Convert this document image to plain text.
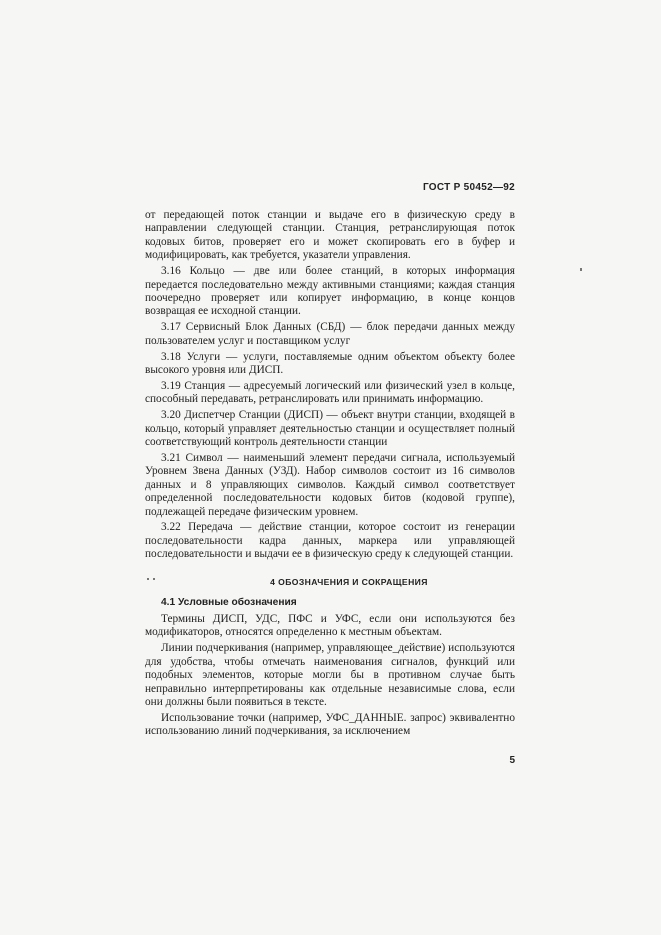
ГОСТ Р 50452—92

от передающей поток станции и выдаче его в физическую среду в направлении следующей станции. Станция, ретранслирующая поток кодовых битов, проверяет его и может скопировать его в буфер и модифицировать, как требуется, указатели управления.

3.16 Кольцо — две или более станций, в которых информация передается последовательно между активными станциями; каждая станция поочередно проверяет или копирует информацию, в конце концов возвращая ее исходной станции.

3.17 Сервисный Блок Данных (СБД) — блок передачи данных между пользователем услуг и поставщиком услуг

3.18 Услуги — услуги, поставляемые одним объектом объекту более высокого уровня или ДИСП.

3.19 Станция — адресуемый логический или физический узел в кольце, способный передавать, ретранслировать или принимать информацию.

3.20 Диспетчер Станции (ДИСП) — объект внутри станции, входящей в кольцо, который управляет деятельностью станции и осуществляет полный соответствующий контроль деятельности станции

3.21 Символ — наименьший элемент передачи сигнала, используемый Уровнем Звена Данных (УЗД). Набор символов состоит из 16 символов данных и 8 управляющих символов. Каждый символ соответствует определенной последовательности кодовых битов (кодовой группе), подлежащей передаче физическим уровнем.

3.22 Передача — действие станции, которое состоит из генерации последовательности кадра данных, маркера или управляющей последовательности и выдачи ее в физическую среду к следующей станции.

4 ОБОЗНАЧЕНИЯ И СОКРАЩЕНИЯ
4.1 Условные обозначения

Термины ДИСП, УДС, ПФС и УФС, если они используются без модификаторов, относятся определенно к местным объектам.

Линии подчеркивания (например, управляющее_действие) используются для удобства, чтобы отмечать наименования сигналов, функций или подобных элементов, которые могли бы в противном случае быть неправильно интерпретированы как отдельные независимые слова, если они должны были появиться в тексте.

Использование точки (например, УФС_ДАННЫЕ. запрос) эквивалентно использованию линий подчеркивания, за исключением

5
